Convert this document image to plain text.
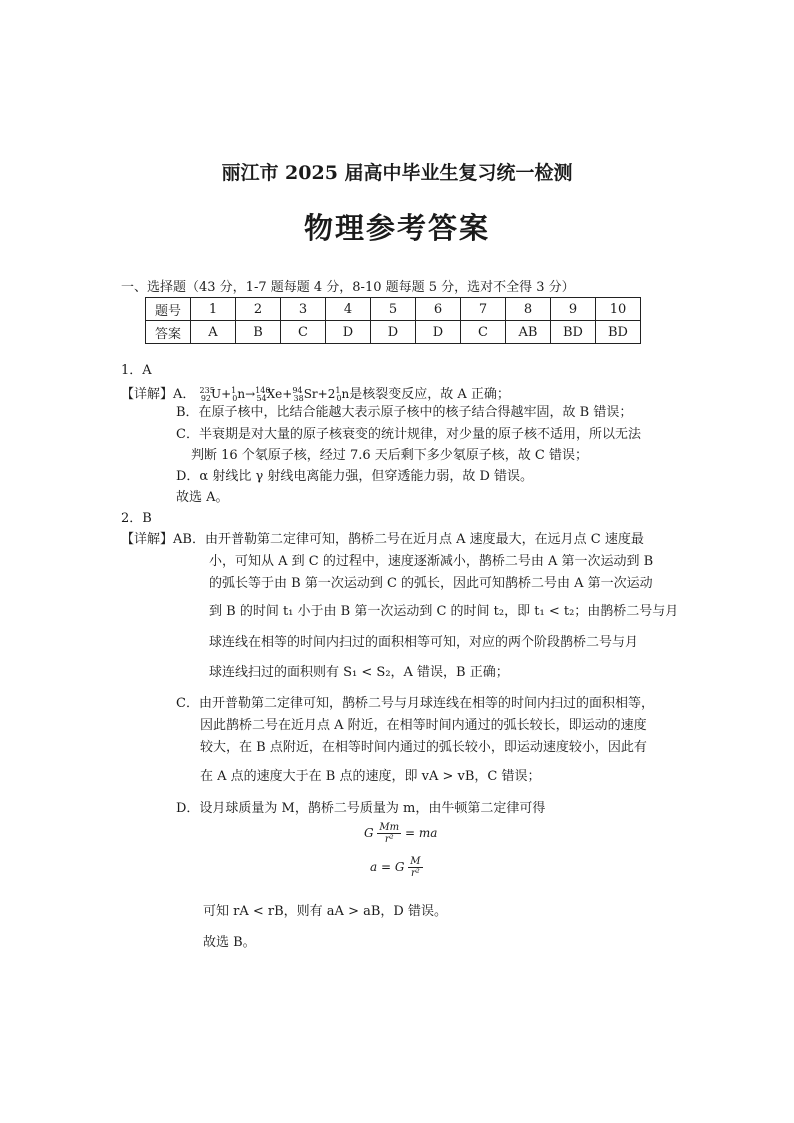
丽江市 2025 届高中毕业生复习统一检测
物理参考答案
一、选择题（43 分，1-7 题每题 4 分，8-10 题每题 5 分，选对不全得 3 分）
题号	1	2	3	4	5	6	7	8	9	10
答案	A	B	C	D	D	D	C	AB	BD	BD
1．A
【详解】A． $^{235}_{92}U+^1_0n\to^{140}_{54}Xe+^{94}_{38}Sr+2^1_0n$是核裂变反应，故 A 正确；
B．在原子核中，比结合能越大表示原子核中的核子结合得越牢固，故 B 错误；
C．半衰期是对大量的原子核衰变的统计规律，对少量的原子核不适用，所以无法
判断 16 个氡原子核，经过 7.6 天后剩下多少氡原子核，故 C 错误；
D．α 射线比 γ 射线电离能力强，但穿透能力弱，故 D 错误。
故选 A。
2．B
【详解】AB．由开普勒第二定律可知，鹊桥二号在近月点 A 速度最大，在远月点 C 速度最
小，可知从 A 到 C 的过程中，速度逐渐减小，鹊桥二号由 A 第一次运动到 B
的弧长等于由 B 第一次运动到 C 的弧长，因此可知鹊桥二号由 A 第一次运动
到 B 的时间 t₁ 小于由 B 第一次运动到 C 的时间 t₂，即 t₁ < t₂；由鹊桥二号与月
球连线在相等的时间内扫过的面积相等可知，对应的两个阶段鹊桥二号与月
球连线扫过的面积则有 S₁ < S₂，A 错误，B 正确；
C．由开普勒第二定律可知，鹊桥二号与月球连线在相等的时间内扫过的面积相等，
因此鹊桥二号在近月点 A 附近，在相等时间内通过的弧长较长，即运动的速度
较大，在 B 点附近，在相等时间内通过的弧长较小，即运动速度较小，因此有
在 A 点的速度大于在 B 点的速度，即 vA > vB，C 错误；
D．设月球质量为 M，鹊桥二号质量为 m，由牛顿第二定律可得
G $\frac{Mm}{\text{r²}}$ = ma
a = G $\frac{M}{\text{r²}}$
可知 rA < rB，则有 aA > aB，D 错误。
故选 B。
